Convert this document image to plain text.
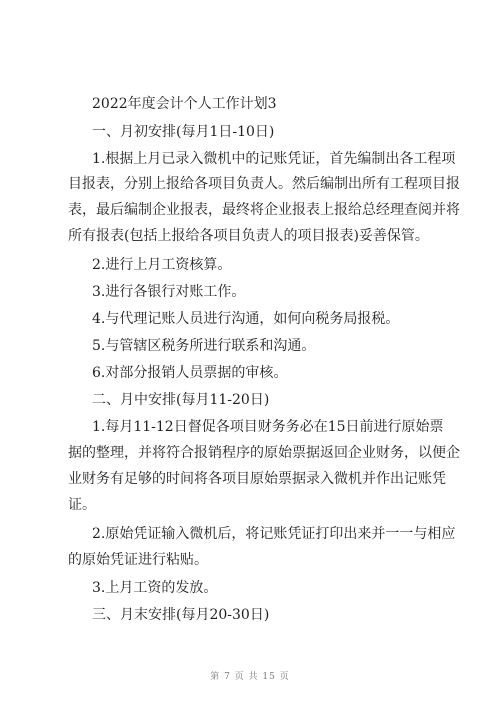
2022年度会计个人工作计划3
一、月初安排(每月1日-10日)
1.根据上月已录入微机中的记账凭证，首先编制出各工程项
目报表，分别上报给各项目负责人。然后编制出所有工程项目报
表，最后编制企业报表，最终将企业报表上报给总经理查阅并将
所有报表(包括上报给各项目负责人的项目报表)妥善保管。
2.进行上月工资核算。
3.进行各银行对账工作。
4.与代理记账人员进行沟通，如何向税务局报税。
5.与管辖区税务所进行联系和沟通。
6.对部分报销人员票据的审核。
二、月中安排(每月11-20日)
1.每月11-12日督促各项目财务务必在15日前进行原始票
据的整理，并将符合报销程序的原始票据返回企业财务，以便企
业财务有足够的时间将各项目原始票据录入微机并作出记账凭
证。
2.原始凭证输入微机后，将记账凭证打印出来并一一与相应
的原始凭证进行粘贴。
3.上月工资的发放。
三、月末安排(每月20-30日)
第 7 页 共 15 页
